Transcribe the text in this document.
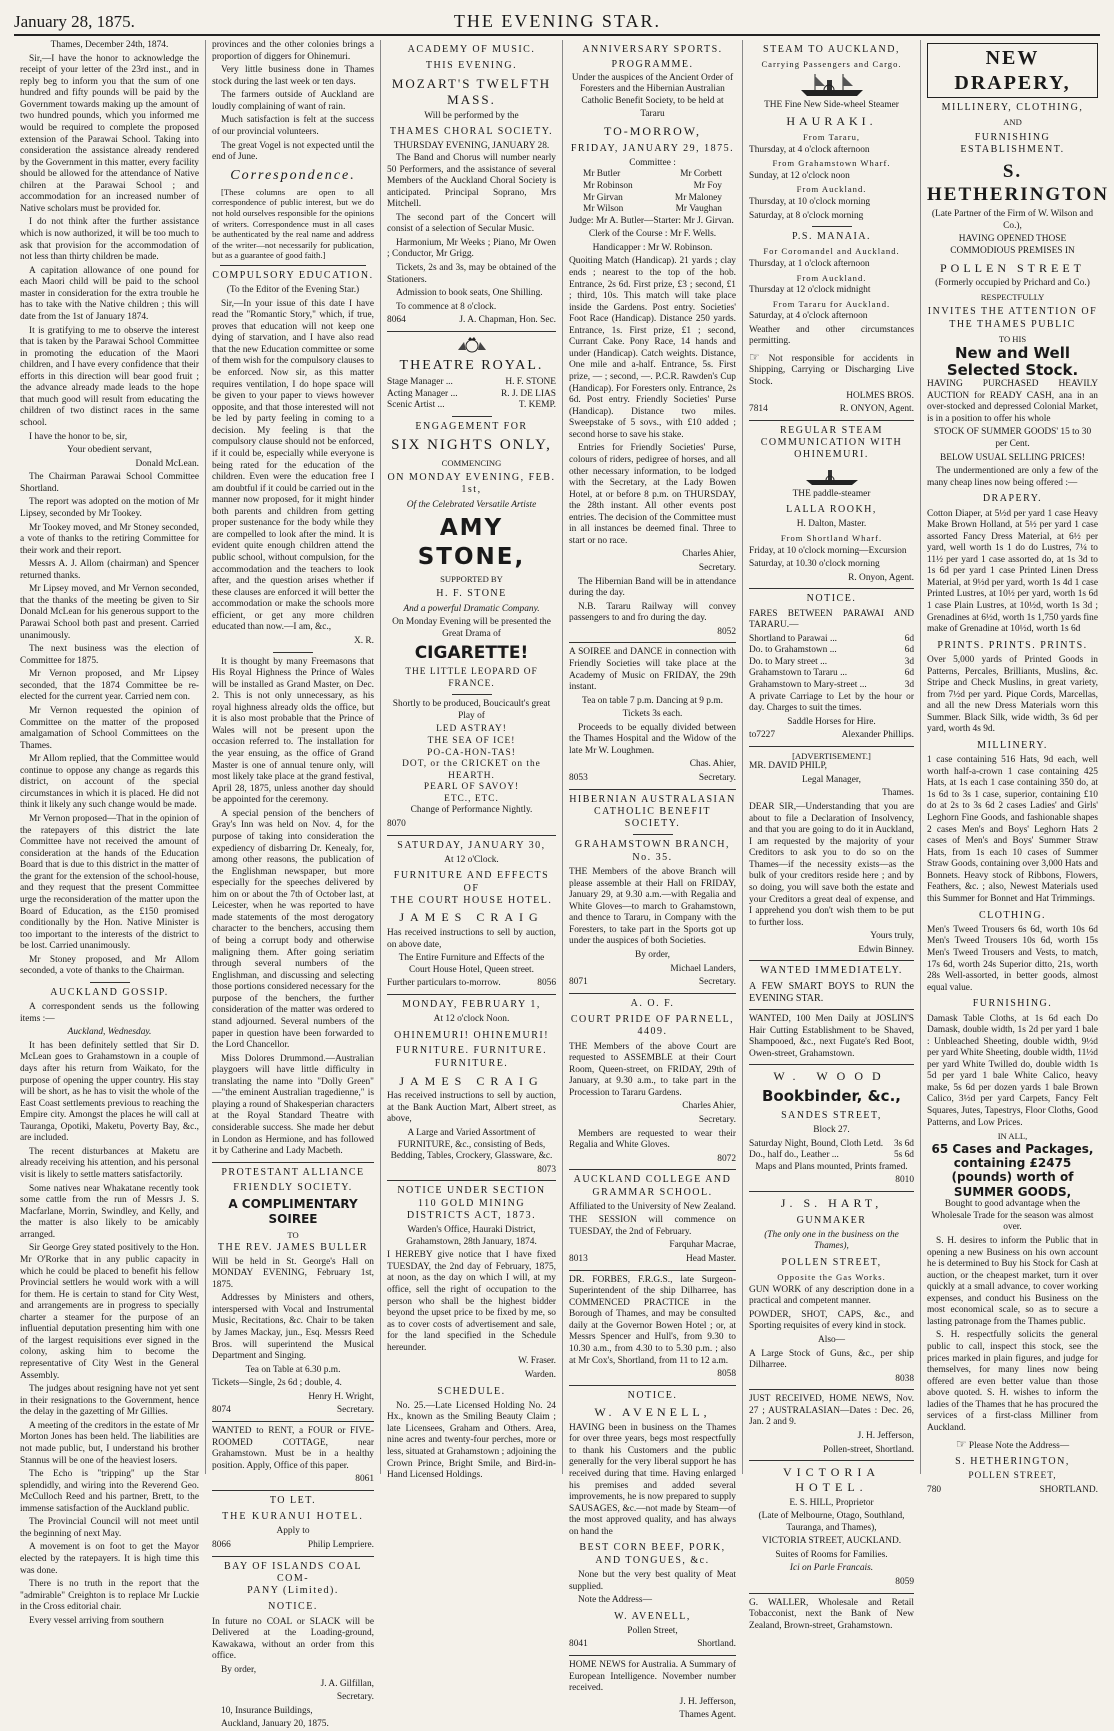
January 28, 1875.	THE EVENING STAR.

Thames, December 24th, 1874.

Sir,—I have the honor to acknowledge the receipt of your letter of the 23rd inst., and in reply beg to inform you that the sum of one hundred and fifty pounds will be paid by the Government towards making up the amount of two hundred pounds, which you informed me would be required to complete the proposed extension of the Parawai School. Taking into consideration the assistance already rendered by the Government in this matter, every facility should be allowed for the attendance of Native chilren at the Parawai School ; and accommodation for an increased number of Native scholars must be provided for.

I do not think after the further assistance which is now authorized, it will be too much to ask that provision for the accommodation of not less than thirty children be made.

A capitation allowance of one pound for each Maori child will be paid to the school master in consideration for the extra trouble he has to take with the Native children ; this will date from the 1st of January 1874.

It is gratifying to me to observe the interest that is taken by the Parawai School Committee in promoting the education of the Maori children, and I have every confidence that their efforts in this direction will bear good fruit ; the advance already made leads to the hope that much good will result from educating the children of two distinct races in the same school.

I have the honor to be, sir,

Your obedient servant,

Donald McLean.

The Chairman Parawai School Committee Shortland.

The report was adopted on the motion of Mr Lipsey, seconded by Mr Tookey.

Mr Tookey moved, and Mr Stoney seconded, a vote of thanks to the retiring Committee for their work and their report.

Messrs A. J. Allom (chairman) and Spencer returned thanks.

Mr Lipsey moved, and Mr Vernon seconded, that the thanks of the meeting be given to Sir Donald McLean for his generous support to the Parawai School both past and present. Carried unanimously.

The next business was the election of Committee for 1875.

Mr Vernon proposed, and Mr Lipsey seconded, that the 1874 Committee be re-elected for the current year. Carried nem con.

Mr Vernon requested the opinion of Committee on the matter of the proposed amalgamation of School Committees on the Thames.

Mr Allom replied, that the Committee would continue to oppose any change as regards this district, on account of the special circumstances in which it is placed. He did not think it likely any such change would be made.

Mr Vernon proposed—That in the opinion of the ratepayers of this district the late Committee have not received the amount of consideration at the hands of the Education Board that is due to this district in the matter of the grant for the extension of the school-house, and they request that the present Committee urge the reconsideration of the matter upon the Board of Education, as the £150 promised conditionally by the Hon. Native Minister is too important to the interests of the district to be lost. Carried unanimously.

Mr Stoney proposed, and Mr Allom seconded, a vote of thanks to the Chairman.

AUCKLAND GOSSIP.

A correspondent sends us the following items :—

Auckland, Wednesday.

It has been definitely settled that Sir D. McLean goes to Grahamstown in a couple of days after his return from Waikato, for the purpose of opening the upper country. His stay will be short, as he has to visit the whole of the East Coast settlements previous to reaching the Empire city. Amongst the places he will call at Tauranga, Opotiki, Maketu, Poverty Bay, &c., are included.

The recent disturbances at Maketu are already receiving his attention, and his personal visit is likely to settle matters satisfactorily.

Some natives near Whakatane recently took some cattle from the run of Messrs J. S. Macfarlane, Morrin, Swindley, and Kelly, and the matter is also likely to be amicably arranged.

Sir George Grey stated positively to the Hon. Mr O'Rorke that in any public capacity in which he could be placed to benefit his fellow Provincial settlers he would work with a will for them. He is certain to stand for City West, and arrangements are in progress to specially charter a steamer for the purpose of an influential deputation presenting him with one of the largest requisitions ever signed in the colony, asking him to become the representative of City West in the General Assembly.

The judges about resigning have not yet sent in their resignations to the Government, hence the delay in the gazetting of Mr Gillies.

A meeting of the creditors in the estate of Mr Morton Jones has been held. The liabilities are not made public, but, I understand his brother Stannus will be one of the heaviest losers.

The Echo is "tripping" up the Star splendidly, and wiring into the Reverend Geo. McCulloch Reed and his partner, Brett, to the immense satisfaction of the Auckland public.

The Provincial Council will not meet until the beginning of next May.

A movement is on foot to get the Mayor elected by the ratepayers. It is high time this was done.

There is no truth in the report that the "admirable" Creighton is to replace Mr Luckie in the Cross editorial chair.

Every vessel arriving from southern

provinces and the other colonies brings a proportion of diggers for Ohinemuri.

Very little business done in Thames stock during the last week or ten days.

The farmers outside of Auckland are loudly complaining of want of rain.

Much satisfaction is felt at the success of our provincial volunteers.

The great Vogel is not expected until the end of June.

Correspondence.

[These columns are open to all correspondence of public interest, but we do not hold ourselves responsible for the opinions of writers. Correspondence must in all cases be authenticated by the real name and address of the writer—not necessarily for publication, but as a guarantee of good faith.]

COMPULSORY EDUCATION.

(To the Editor of the Evening Star.)

Sir,—In your issue of this date I have read the "Romantic Story," which, if true, proves that education will not keep one dying of starvation, and I have also read that the new Education committee or some of them wish for the compulsory clauses to be enforced. Now sir, as this matter requires ventilation, I do hope space will be given to your paper to views however opposite, and that those interested will not be led by party feeling in coming to a decision. My feeling is that the compulsory clause should not be enforced, if it could be, especially while everyone is being rated for the education of the children. Even were the education free I am doubtful if it could be carried out in the manner now proposed, for it might hinder both parents and children from getting proper sustenance for the body while they are compelled to look after the mind. It is evident quite enough children attend the public school, without compulsion, for the accommodation and the teachers to look after, and the question arises whether if these clauses are enforced it will better the accommodation or make the schools more efficient, or get any more children educated than now.—I am, &c.,

X. R.

It is thought by many Freemasons that His Royal Highness the Prince of Wales will be installed as Grand Master, on Dec. 2. This is not only unnecessary, as his royal highness already olds the office, but it is also most probable that the Prince of Wales will not be present upon the occasion referred to. The installation for the year ensuing, as the office of Grand Master is one of annual tenure only, will most likely take place at the grand festival, April 28, 1875, unless another day should be appointed for the ceremony.

A special pension of the benchers of Gray's Inn was held on Nov. 4, for the purpose of taking into consideration the expediency of disbarring Dr. Kenealy, for, among other reasons, the publication of the Englishman newspaper, but more especially for the speeches delivered by him on or about the 7th of October last, at Leicester, when he was reported to have made statements of the most derogatory character to the benchers, accusing them of being a corrupt body and otherwise maligning them. After going seriatim through several numbers of the Englishman, and discussing and selecting those portions considered necessary for the purpose of the benchers, the further consideration of the matter was ordered to stand adjourned. Several numbers of the paper in question have been forwarded to the Lord Chancellor.

Miss Dolores Drummond.—Australian playgoers will have little difficulty in translating the name into "Dolly Green" —"the eminent Australian tragedienne," is playing a round of Shakesperian characters at the Royal Standard Theatre with considerable success. She made her debut in London as Hermione, and has followed it by Catherine and Lady Macbeth.

PROTESTANT ALLIANCE
FRIENDLY SOCIETY.
A COMPLIMENTARY SOIREE
TO
THE REV. JAMES BULLER

Will be held in St. George's Hall on MONDAY EVENING, February 1st, 1875.

Addresses by Ministers and others, interspersed with Vocal and Instrumental Music, Recitations, &c. Chair to be taken by James Mackay, jun., Esq. Messrs Reed Bros. will superintend the Musical Department and Singing.

Tea on Table at 6.30 p.m.

Tickets—Single, 2s 6d ; double, 4.

Henry H. Wright,

8074	Secretary.

WANTED to RENT, a FOUR or FIVE-ROOMED COTTAGE, near Grahamstown. Must be in a healthy position. Apply, Office of this paper.

8061

TO LET.
THE KURANUI HOTEL.

Apply to

8066	Philip Lempriere.
BAY OF ISLANDS COAL COM-
PANY (Limited).
NOTICE.

In future no COAL or SLACK will be Delivered at the Loading-ground, Kawakawa, without an order from this office.

By order,

J. A. Gilfillan,

Secretary.

10, Insurance Buildings,

Auckland, January 20, 1875.

ACADEMY OF MUSIC.
THIS EVENING.
MOZART'S TWELFTH MASS.

Will be performed by the

THAMES CHORAL SOCIETY.
THURSDAY EVENING, JANUARY 28.

The Band and Chorus will number nearly 50 Performers, and the assistance of several Members of the Auckland Choral Society is anticipated. Principal Soprano, Mrs Mitchell.

The second part of the Concert will consist of a selection of Secular Music.

Harmonium, Mr Weeks ; Piano, Mr Owen ; Conductor, Mr Grigg.

Tickets, 2s and 3s, may be obtained of the Stationers.

Admission to book seats, One Shilling.

To commence at 8 o'clock.

8064	J. A. Chapman, Hon. Sec.
THEATRE ROYAL.
Stage Manager ...	H. F. STONE
Acting Manager ...	R. J. DE LIAS
Scenic Artist ...	T. KEMP.
ENGAGEMENT FOR
SIX NIGHTS ONLY,
COMMENCING
ON MONDAY EVENING, FEB. 1st,

Of the Celebrated Versatile Artiste

AMY STONE,
SUPPORTED BY
H. F. STONE

And a powerful Dramatic Company.

On Monday Evening will be presented the Great Drama of

CIGARETTE!
THE LITTLE LEOPARD OF FRANCE.

Shortly to be produced, Boucicault's great Play of

LED ASTRAY!
THE SEA OF ICE!
PO-CA-HON-TAS!
DOT, or the CRICKET on the HEARTH.
PEARL OF SAVOY!
ETC., ETC.

Change of Performance Nightly.

8070

SATURDAY, JANUARY 30,
At 12 o'Clock.
FURNITURE AND EFFECTS OF
THE COURT HOUSE HOTEL.
JAMES CRAIG

Has received instructions to sell by auction, on above date,

The Entire Furniture and Effects of the Court House Hotel, Queen street.

Further particulars to-morrow.	8056
MONDAY, FEBRUARY 1,
At 12 o'clock Noon.
OHINEMURI! OHINEMURI!
FURNITURE. FURNITURE.
FURNITURE.
JAMES CRAIG

Has received instructions to sell by auction, at the Bank Auction Mart, Albert street, as above,

A Large and Varied Assortment of FURNITURE, &c., consisting of Beds, Bedding, Tables, Crockery, Glassware, &c.

8073

NOTICE UNDER SECTION 110 GOLD MINING DISTRICTS ACT, 1873.

Warden's Office, Hauraki District, Grahamstown, 28th January, 1874.

I HEREBY give notice that I have fixed TUESDAY, the 2nd day of February, 1875, at noon, as the day on which I will, at my office, sell the right of occupation to the person who shall be the highest bidder beyond the upset price to be fixed by me, so as to cover costs of advertisement and sale, for the land specified in the Schedule hereunder.

W. Fraser.

Warden.

SCHEDULE.

No. 25.—Late Licensed Holding No. 24 Hx., known as the Smiling Beauty Claim ; late Licensees, Graham and Others. Area, nine acres and twenty-four perches, more or less, situated at Grahamstown ; adjoining the Crown Prince, Bright Smile, and Bird-in-Hand Licensed Holdings.

ANNIVERSARY SPORTS.
PROGRAMME.

Under the auspices of the Ancient Order of Foresters and the Hibernian Australian Catholic Benefit Society, to be held at

Tararu
TO-MORROW,
FRIDAY, JANUARY 29, 1875.
Committee :
Mr Butler	Mr Corbett
Mr Robinson	Mr Foy
Mr Girvan	Mr Maloney
Mr Wilson	Mr Vaughan

Judge: Mr A. Butler—Starter: Mr J. Girvan.

Clerk of the Course : Mr F. Wells.

Handicapper : Mr W. Robinson.

Quoiting Match (Handicap). 21 yards ; clay ends ; nearest to the top of the hob. Entrance, 2s 6d. First prize, £3 ; second, £1 ; third, 10s. This match will take place inside the Gardens. Post entry. Societies' Foot Race (Handicap). Distance 250 yards. Entrance, 1s. First prize, £1 ; second, Currant Cake. Pony Race, 14 hands and under (Handicap). Catch weights. Distance, One mile and a-half. Entrance, 5s. First prize, — ; second, —. P.C.R. Rawden's Cup (Handicap). For Foresters only. Entrance, 2s 6d. Post entry. Friendly Societies' Purse (Handicap). Distance two miles. Sweepstake of 5 sovs., with £10 added ; second horse to save his stake.

Entries for Friendly Societies' Purse, colours of riders, pedigree of horses, and all other necessary information, to be lodged with the Secretary, at the Lady Bowen Hotel, at or before 8 p.m. on THURSDAY, the 28th instant. All other events post entries. The decision of the Committee must in all instances be deemed final. Three to start or no race.

Charles Ahier,

Secretary.

The Hibernian Band will be in attendance during the day.

N.B. Tararu Railway will convey passengers to and fro during the day.

8052

A SOIREE and DANCE in connection with Friendly Societies will take place at the Academy of Music on FRIDAY, the 29th instant.

Tea on table 7 p.m. Dancing at 9 p.m.

Tickets 3s each.

Proceeds to be equally divided between the Thames Hospital and the Widow of the late Mr W. Loughmen.

Chas. Ahier,

8053	Secretary.
HIBERNIAN AUSTRALASIAN
CATHOLIC BENEFIT SOCIETY.
GRAHAMSTOWN BRANCH, No. 35.

THE Members of the above Branch will please assemble at their Hall on FRIDAY, January 29, at 9.30 a.m.—with Regalia and White Gloves—to march to Grahamstown, and thence to Tararu, in Company with the Foresters, to take part in the Sports got up under the auspices of both Societies.

By order,

Michael Landers,

8071	Secretary.
A. O. F.
COURT PRIDE OF PARNELL, 4409.

THE Members of the above Court are requested to ASSEMBLE at their Court Room, Queen-street, on FRIDAY, 29th of January, at 9.30 a.m., to take part in the Procession to Tararu Gardens.

Charles Ahier,

Secretary.

Members are requested to wear their Regalia and White Gloves.

8072

AUCKLAND COLLEGE AND
GRAMMAR SCHOOL.

Affiliated to the University of New Zealand.

THE SESSION will commence on TUESDAY, the 2nd of February.

Farquhar Macrae,

8013	Head Master.

DR. FORBES, F.R.G.S., late Surgeon-Superintendent of the ship Dilharree, has COMMENCED PRACTICE in the Borough of Thames, and may be consulted daily at the Governor Bowen Hotel ; or, at Messrs Spencer and Hull's, from 9.30 to 10.30 a.m., from 4.30 to to 5.30 p.m. ; also at Mr Cox's, Shortland, from 11 to 12 a.m.

8058

NOTICE.
W. AVENELL,

HAVING been in business on the Thames for over three years, begs most respectfully to thank his Customers and the public generally for the very liberal support he has received during that time. Having enlarged his premises and added several improvements, he is now prepared to supply SAUSAGES, &c.—not made by Steam—of the most approved quality, and has always on hand the

BEST CORN BEEF, PORK, AND TONGUES, &c.

None but the very best quality of Meat supplied.

Note the Address—

W. AVENELL,

Pollen Street,

8041	Shortland.

HOME NEWS for Australia. A Summary of European Intelligence. November number received.

J. H. Jefferson,

Thames Agent.

STEAM TO AUCKLAND,
Carrying Passengers and Cargo.

THE Fine New Side-wheel Steamer

HAURAKI.

From Tararu,

Thursday, at 4 o'clock afternoon

From Grahamstown Wharf.

Sunday, at 12 o'clock noon

From Auckland.

Thursday, at 10 o'clock morning

Saturday, at 8 o'clock morning

P.S. MANAIA.

For Coromandel and Auckland.

Thursday, at 1 o'clock afternoon

From Auckland.

Thursday at 12 o'clock midnight

From Tararu for Auckland.

Saturday, at 4 o'clock afternoon

Weather and other circumstances permitting.

☞ Not responsible for accidents in Shipping, Carrying or Discharging Live Stock.

HOLMES BROS.

7814	R. ONYON, Agent.
REGULAR STEAM COMMUNICATION WITH OHINEMURI.

THE paddle-steamer

LALLA ROOKH,

H. Dalton, Master.

From Shortland Wharf.

Friday, at 10 o'clock morning—Excursion

Saturday, at 10.30 o'clock morning

R. Onyon, Agent.

NOTICE.

FARES BETWEEN PARAWAI AND TARARU.—

Shortland to Parawai ...	6d
Do. to Grahamstown ...	6d
Do. to Mary street ...	3d
Grahamstown to Tararu ...	6d
Grahamstown to Mary-street ...	3d

A private Carriage to Let by the hour or day. Charges to suit the times.

Saddle Horses for Hire.

to7227	Alexander Phillips.
[ADVERTISEMENT.]

MR. DAVID PHILP,

Legal Manager,

Thames.

DEAR SIR,—Understanding that you are about to file a Declaration of Insolvency, and that you are going to do it in Auckland, I am requested by the majority of your Creditors to ask you to do so on the Thames—if the necessity exists—as the bulk of your creditors reside here ; and by so doing, you will save both the estate and your Creditors a great deal of expense, and I apprehend you don't wish them to be put to further loss.

Yours truly,

Edwin Binney.

WANTED IMMEDIATELY.

A FEW SMART BOYS to RUN the EVENING STAR.

WANTED, 100 Men Daily at JOSLIN'S Hair Cutting Establishment to be Shaved, Shampooed, &c., next Fugate's Red Boot, Owen-street, Grahamstown.

W. WOOD
Bookbinder, &c.,
SANDES STREET,

Block 27.

Saturday Night, Bound, Cloth Letd. 3s 6d
Do., half do., Leather ...	5s 6d

Maps and Plans mounted, Prints framed.

8010

J. S. HART,
GUNMAKER

(The only one in the business on the Thames),

POLLEN STREET,

Opposite the Gas Works.

GUN WORK of any description done in a practical and competent manner.

POWDER, SHOT, CAPS, &c., and Sporting requisites of every kind in stock.

Also—

A Large Stock of Guns, &c., per ship Dilharree.

8038

JUST RECEIVED, HOME NEWS, Nov. 27 ; AUSTRALASIAN—Dates : Dec. 26, Jan. 2 and 9.

J. H. Jefferson,

Pollen-street, Shortland.

VICTORIA HOTEL.

E. S. HILL, Proprietor

(Late of Melbourne, Otago, Southland, Tauranga, and Thames),

VICTORIA STREET, AUCKLAND.

Suites of Rooms for Families.

Ici on Parle Francais.

8059

G. WALLER, Wholesale and Retail Tobacconist, next the Bank of New Zealand, Brown-street, Grahamstown.

NEW DRAPERY,
MILLINERY, CLOTHING,
AND
FURNISHING ESTABLISHMENT.
S. HETHERINGTON

(Late Partner of the Firm of W. Wilson and Co.),

HAVING OPENED THOSE COMMODIOUS PREMISES IN

POLLEN STREET

(Formerly occupied by Prichard and Co.)

RESPECTFULLY
INVITES THE ATTENTION OF THE THAMES PUBLIC
TO HIS
New and Well Selected Stock.

HAVING PURCHASED HEAVILY AUCTION for READY CASH, ana in an over-stocked and depressed Colonial Market, is in a position to offer his whole

STOCK OF SUMMER GOODS' 15 to 30 per Cent.

BELOW USUAL SELLING PRICES!

The undermentioned are only a few of the many cheap lines now being offered :—

DRAPERY.

Cotton Diaper, at 5½d per yard 1 case Heavy Make Brown Holland, at 5½ per yard 1 case assorted Fancy Dress Material, at 6½ per yard, well worth 1s 1 do do Lustres, 7¼ to 11½ per yard 1 case assorted do, at 1s 3d to 1s 6d per yard 1 case Printed Linen Dress Material, at 9½d per yard, worth 1s 4d 1 case Printed Lustres, at 10½ per yard, worth 1s 6d 1 case Plain Lustres, at 10½d, worth 1s 3d ; Grenadines at 6½d, worth 1s 1,750 yards fine make of Grenadine at 10½d, worth 1s 6d

PRINTS. PRINTS. PRINTS.

Over 5,000 yards of Printed Goods in Patterns, Percales, Brilliants, Muslins, &c. Stripe and Check Muslins, in great variety, from 7½d per yard. Pique Cords, Marcellas, and all the new Dress Materials worn this Summer. Black Silk, wide width, 3s 6d per yard, worth 4s 9d.

MILLINERY.

1 case containing 516 Hats, 9d each, well worth half-a-crown 1 case containing 425 Hats, at 1s each 1 case containing 350 do, at 1s 6d to 3s 1 case, superior, containing £10 do at 2s to 3s 6d 2 cases Ladies' and Girls' Leghorn Fine Goods, and fashionable shapes 2 cases Men's and Boys' Leghorn Hats 2 cases of Men's and Boys' Summer Straw Hats, from 1s each 10 cases of Summer Straw Goods, containing over 3,000 Hats and Bonnets. Heavy stock of Ribbons, Flowers, Feathers, &c. ; also, Newest Materials used this Summer for Bonnet and Hat Trimmings.

CLOTHING.

Men's Tweed Trousers 6s 6d, worth 10s 6d Men's Tweed Trousers 10s 6d, worth 15s Men's Tweed Trousers and Vests, to match, 17s 6d, worth 24s Superior ditto, 21s, worth 28s Well-assorted, in better goods, almost equal value.

FURNISHING.

Damask Table Cloths, at 1s 6d each Do Damask, double width, 1s 2d per yard 1 bale : Unbleached Sheeting, double width, 9½d per yard White Sheeting, double width, 11½d per yard White Twilled do, double width 1s 5d per yard 1 bale White Calico, heavy make, 5s 6d per dozen yards 1 bale Brown Calico, 3½d per yard Carpets, Fancy Felt Squares, Jutes, Tapestrys, Floor Cloths, Good Patterns, and Low Prices.

IN ALL,
65 Cases and Packages, containing £2475 (pounds) worth of SUMMER GOODS,

Bought to good advantage when the Wholesale Trade for the season was almost over.

S. H. desires to inform the Public that in opening a new Business on his own account he is determined to Buy his Stock for Cash at auction, or the cheapest market, turn it over quickly at a small advance, to cover working expenses, and conduct his Business on the most economical scale, so as to secure a lasting patronage from the Thames public.

S. H. respectfully solicits the general public to call, inspect this stock, see the prices marked in plain figures, and judge for themselves, for many lines now being offered are even better value than those above quoted. S. H. wishes to inform the ladies of the Thames that he has procured the services of a first-class Milliner from Auckland.

☞ Please Note the Address—

S. HETHERINGTON,

POLLEN STREET,

780	SHORTLAND.
